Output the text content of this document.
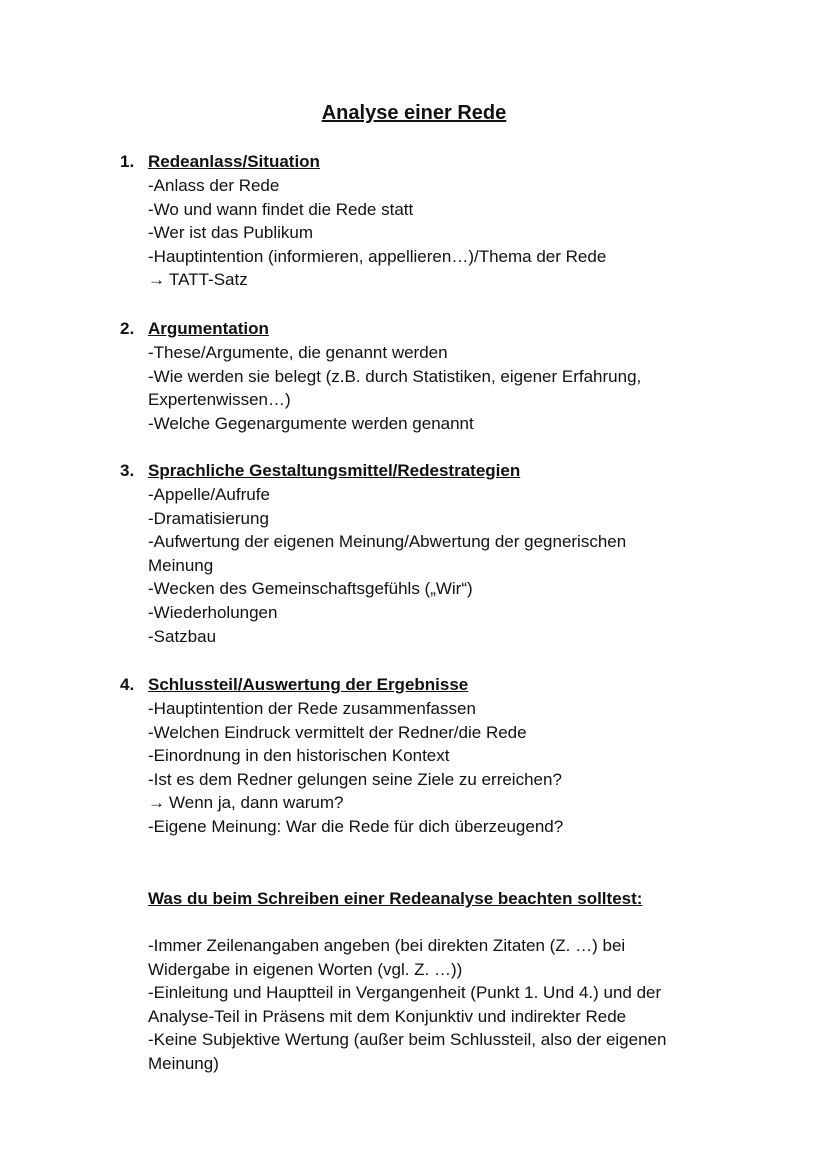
Analyse einer Rede
1. Redeanlass/Situation
-Anlass der Rede
-Wo und wann findet die Rede statt
-Wer ist das Publikum
-Hauptintention (informieren, appellieren…)/Thema der Rede
→ TATT-Satz
2. Argumentation
-These/Argumente, die genannt werden
-Wie werden sie belegt (z.B. durch Statistiken, eigener Erfahrung,
Expertenwissen…)
-Welche Gegenargumente werden genannt
3. Sprachliche Gestaltungsmittel/Redestrategien
-Appelle/Aufrufe
-Dramatisierung
-Aufwertung der eigenen Meinung/Abwertung der gegnerischen
Meinung
-Wecken des Gemeinschaftsgefühls („Wir“)
-Wiederholungen
-Satzbau
4. Schlussteil/Auswertung der Ergebnisse
-Hauptintention der Rede zusammenfassen
-Welchen Eindruck vermittelt der Redner/die Rede
-Einordnung in den historischen Kontext
-Ist es dem Redner gelungen seine Ziele zu erreichen?
→ Wenn ja, dann warum?
-Eigene Meinung: War die Rede für dich überzeugend?
Was du beim Schreiben einer Redeanalyse beachten solltest:
-Immer Zeilenangaben angeben (bei direkten Zitaten (Z. …) bei
Widergabe in eigenen Worten (vgl. Z. …))
-Einleitung und Hauptteil in Vergangenheit (Punkt 1. Und 4.) und der
Analyse-Teil in Präsens mit dem Konjunktiv und indirekter Rede
-Keine Subjektive Wertung (außer beim Schlussteil, also der eigenen
Meinung)
